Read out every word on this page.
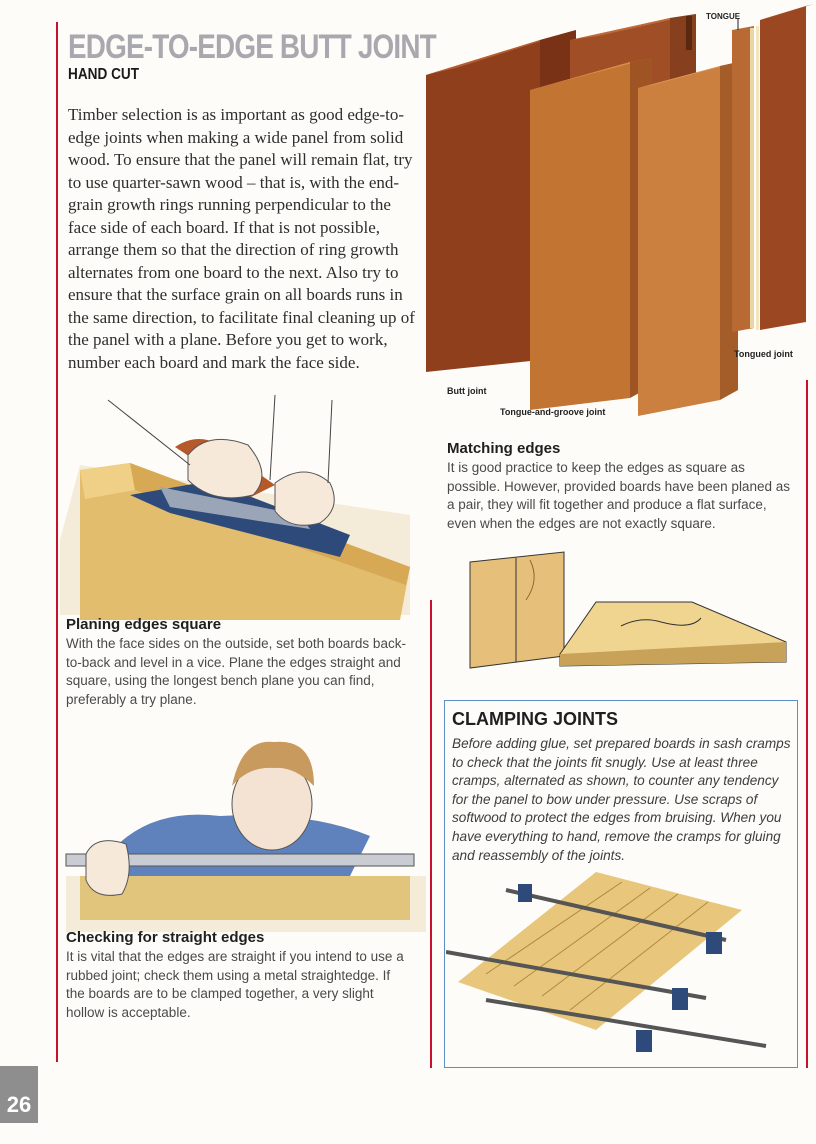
EDGE-TO-EDGE BUTT JOINT
HAND CUT

Timber selection is as important as good edge-to-edge joints when making a wide panel from solid wood. To ensure that the panel will remain flat, try to use quarter-sawn wood – that is, with the end-grain growth rings running perpendicular to the face side of each board. If that is not possible, arrange them so that the direction of ring growth alternates from one board to the next. Also try to ensure that the surface grain on all boards runs in the same direction, to facilitate final cleaning up of the panel with a plane. Before you get to work, number each board and mark the face side.

TONGUE
Tongued joint
Butt joint
Tongue-and-groove joint
Planing edges square

With the face sides on the outside, set both boards back-to-back and level in a vice. Plane the edges straight and square, using the longest bench plane you can find, preferably a try plane.

Checking for straight edges

It is vital that the edges are straight if you intend to use a rubbed joint; check them using a metal straightedge. If the boards are to be clamped together, a very slight hollow is acceptable.

Matching edges

It is good practice to keep the edges as square as possible. However, provided boards have been planed as a pair, they will fit together and produce a flat surface, even when the edges are not exactly square.

CLAMPING JOINTS

Before adding glue, set prepared boards in sash cramps to check that the joints fit snugly. Use at least three cramps, alternated as shown, to counter any tendency for the panel to bow under pressure. Use scraps of softwood to protect the edges from bruising. When you have everything to hand, remove the cramps for gluing and reassembly of the joints.

26
